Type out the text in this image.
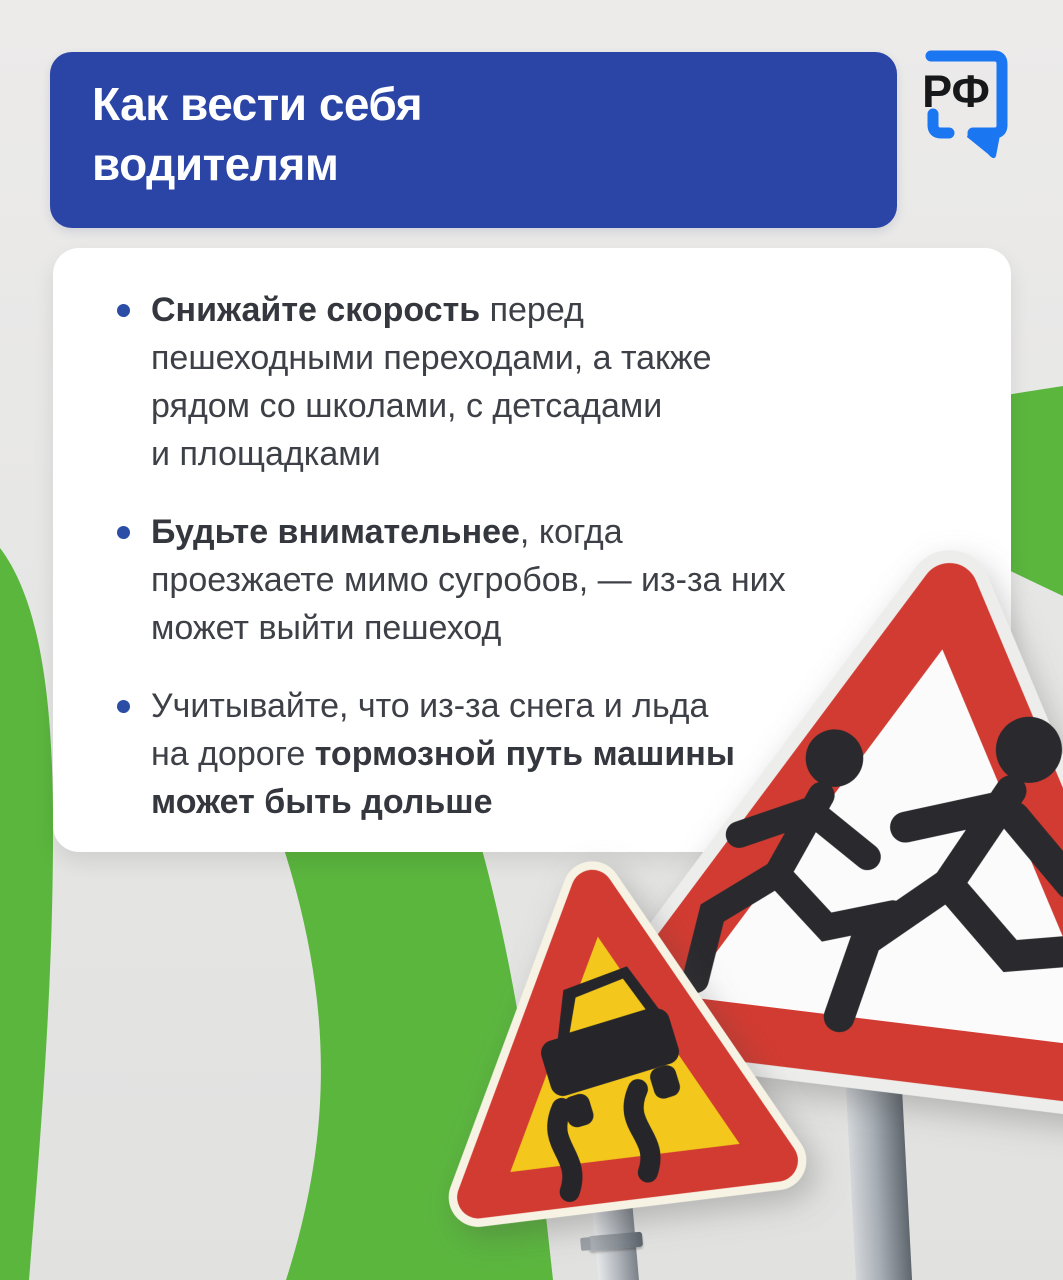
Как вести себя
водителям
РФ
Снижайте скорость перед
пешеходными переходами, а также
рядом со школами, с детсадами
и площадками
Будьте внимательнее, когда
проезжаете мимо сугробов, — из-за них
может выйти пешеход
Учитывайте, что из-за снега и льда
на дороге тормозной путь машины
может быть дольше
